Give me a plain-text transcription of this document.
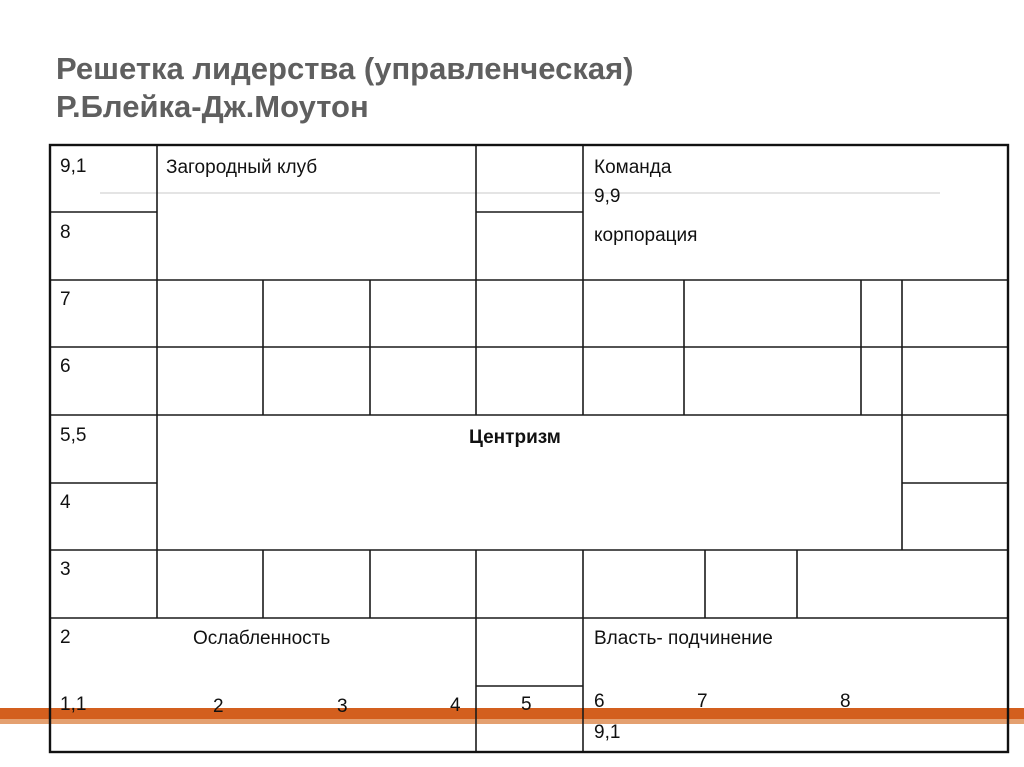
Решетка лидерства (управленческая)
Р.Блейка-Дж.Моутон
9,1
8
7
6
5,5
4
3
2
Загородный клуб	Команда
9,9
корпорация
Центризм
Ослабленность	Власть- подчинение
1,1	2	3	4	5	6	7	8
9,1
